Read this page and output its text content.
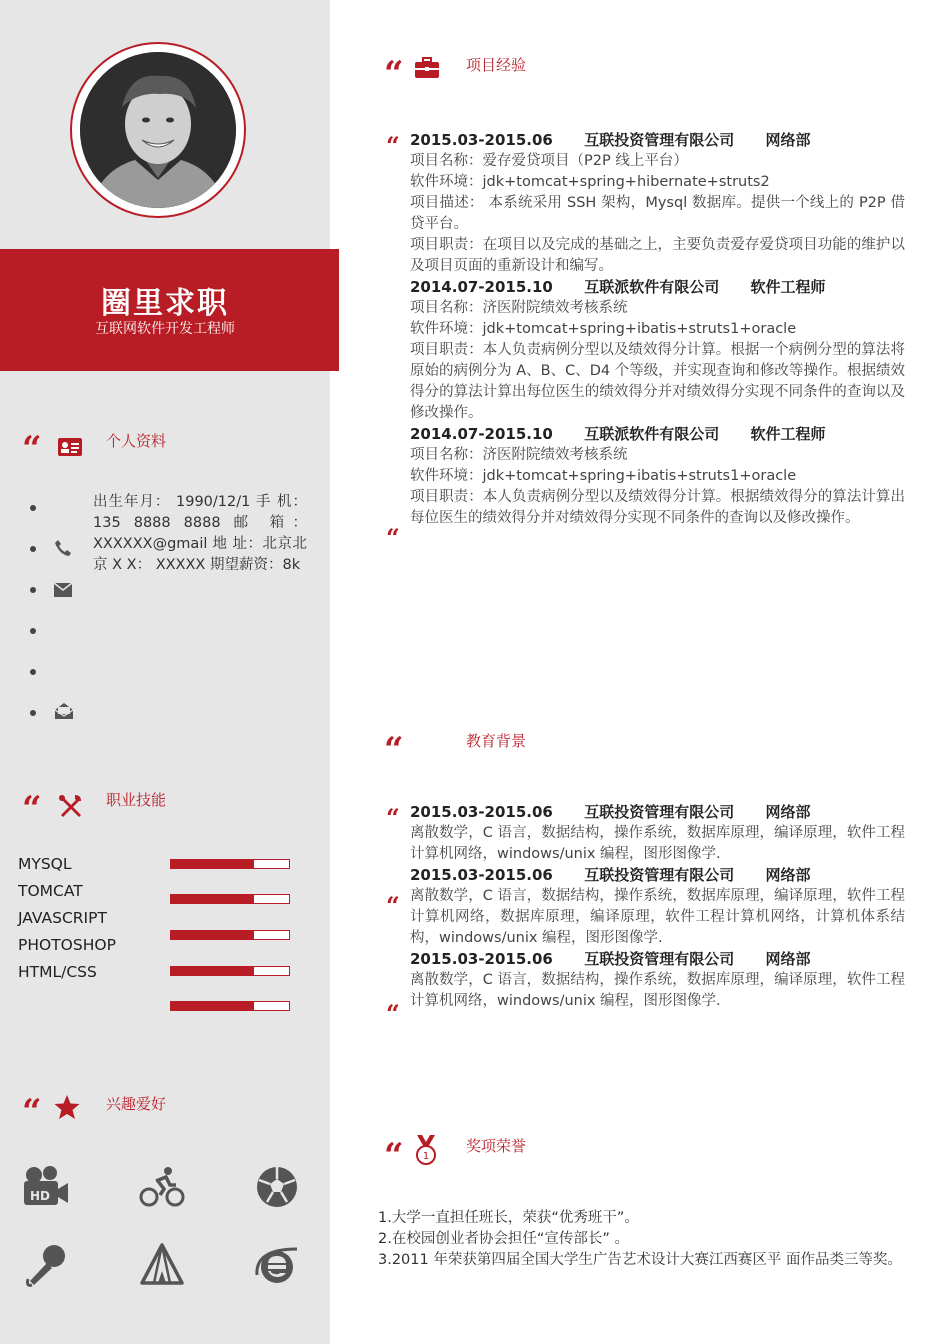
圈里求职
互联网软件开发工程师
“	个人资料
出生年月： 1990/12/1 手 机： 135 8888 8888 邮 箱：XXXXXX@gmail 地 址：北京北京 X X： XXXXX 期望薪资：8k
“	职业技能
MYSQL
TOMCAT
JAVASCRIPT
PHOTOSHOP
HTML/CSS
“	兴趣爱好
HD
“	项目经验
“
“
2015.03-2015.06      互联投资管理有限公司      网络部
项目名称：爱存爱贷项目（P2P 线上平台）
软件环境：jdk+tomcat+spring+hibernate+struts2
项目描述： 本系统采用 SSH 架构，Mysql 数据库。提供一个线上的 P2P 借贷平台。
项目职责：在项目以及完成的基础之上，主要负责爱存爱贷项目功能的维护以及项目页面的重新设计和编写。
2014.07-2015.10      互联派软件有限公司      软件工程师
项目名称：济医附院绩效考核系统
软件环境：jdk+tomcat+spring+ibatis+struts1+oracle
项目职责：本人负责病例分型以及绩效得分计算。根据一个病例分型的算法将原始的病例分为 A、B、C、D4 个等级，并实现查询和修改等操作。根据绩效得分的算法计算出每位医生的绩效得分并对绩效得分实现不同条件的查询以及修改操作。
2014.07-2015.10      互联派软件有限公司      软件工程师
项目名称：济医附院绩效考核系统
软件环境：jdk+tomcat+spring+ibatis+struts1+oracle
项目职责：本人负责病例分型以及绩效得分计算。根据绩效得分的算法计算出每位医生的绩效得分并对绩效得分实现不同条件的查询以及修改操作。
“	教育背景
“
“
“
2015.03-2015.06      互联投资管理有限公司      网络部
离散数学，C 语言，数据结构，操作系统，数据库原理，编译原理，软件工程计算机网络，windows/unix 编程，图形图像学.
2015.03-2015.06      互联投资管理有限公司      网络部
离散数学，C 语言，数据结构，操作系统，数据库原理，编译原理，软件工程计算机网络，数据库原理，编译原理，软件工程计算机网络，计算机体系结构，windows/unix 编程，图形图像学.
2015.03-2015.06      互联投资管理有限公司      网络部
离散数学，C 语言，数据结构，操作系统，数据库原理，编译原理，软件工程计算机网络，windows/unix 编程，图形图像学.
“ 1
奖项荣誉
1.大学一直担任班长，荣获“优秀班干”。
2.在校园创业者协会担任“宣传部长” 。
3.2011 年荣获第四届全国大学生广告艺术设计大赛江西赛区平 面作品类三等奖。
